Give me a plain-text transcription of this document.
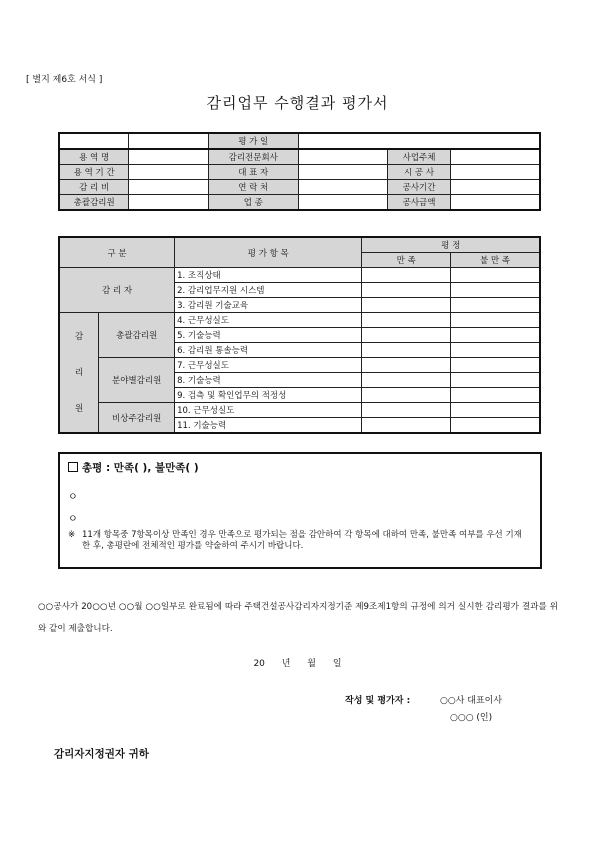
[ 별지 제6호 서식 ]
감리업무 수행결과 평가서
		평 가 일			
용 역 명		감리전문회사		사업주체	
용 역 기 간		대 표 자		시 공 사	
감 리 비		연 락 처		공사기간	
총괄감리원		업 종		공사금액	
구 분		평 가 항 목	평 정	
			만 족	불 만 족
감 리 자		1. 조직상태		
		2. 감리업무지원 시스템		
		3. 감리원 기술교육		

감
리
원	총괄감리원	4. 근무성실도		
		5. 기술능력		
		6. 감리원 통솔능력		
	분야별감리원	7. 근무성실도		
		8. 기술능력		
		9. 검측 및 확인업무의 적정성		
	비상주감리원	10. 근무성실도		
		11. 기술능력		
총평 : 만족( ), 불만족( )
ㅇ
ㅇ
※ 11개 항목중 7항목이상 만족인 경우 만족으로 평가되는 점을 감안하여 각 항목에 대하여 만족, 불만족 여부를 우선 기재한 후, 총평란에 전체적인 평가를 약술하여 주시기 바랍니다.
○○공사가 20○○년 ○○월 ○○일부로 완료됨에 따라 주택건설공사감리자지정기준 제9조제1항의 규정에 의거 실시한 감리평가 결과를 위와 같이 제출합니다.
20 년 월 일
작성 및 평가자 :	○○사 대표이사
○○○ (인)
감리자지정권자 귀하
